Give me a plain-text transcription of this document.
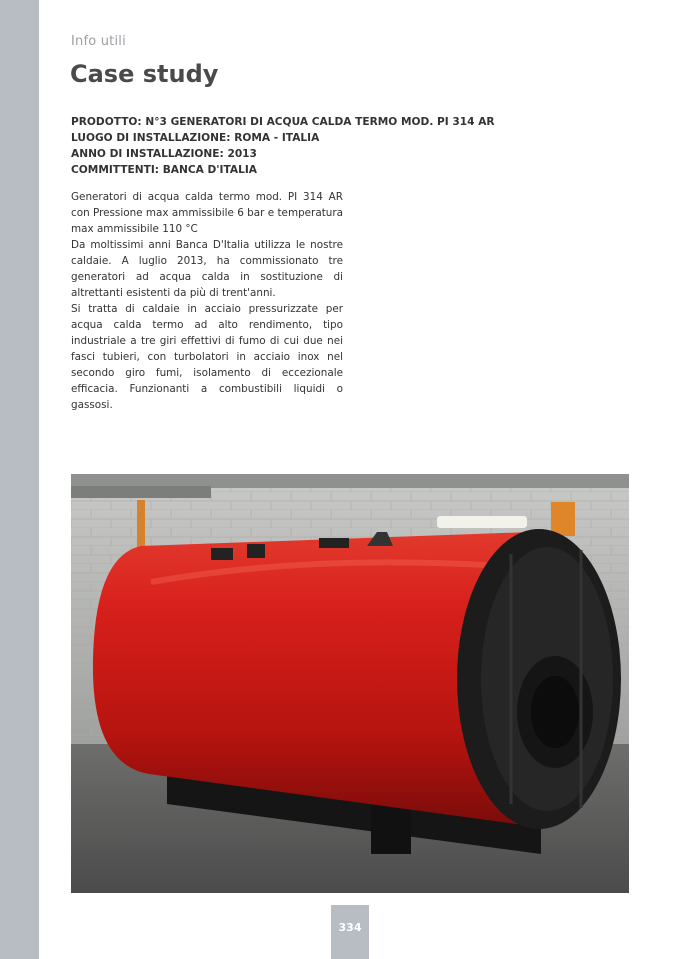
Info utili
Case study
PRODOTTO: N°3 GENERATORI DI ACQUA CALDA TERMO MOD. PI 314 AR
LUOGO DI INSTALLAZIONE: ROMA - ITALIA
ANNO DI INSTALLAZIONE: 2013
COMMITTENTI: BANCA D'ITALIA

Generatori di acqua calda termo mod. PI 314 AR con Pressione max ammissibile 6 bar e temperatura max ammissibile 110 °C

Da moltissimi anni Banca D'Italia utilizza le nostre caldaie. A luglio 2013, ha commissionato tre generatori ad acqua calda in sostituzione di altrettanti esistenti da più di trent'anni.

Si tratta di caldaie in acciaio pressurizzate per acqua calda termo ad alto rendimento, tipo industriale a tre giri effettivi di fumo di cui due nei fasci tubieri, con turbolatori in acciaio inox nel secondo giro fumi, isolamento di eccezionale efficacia. Funzionanti a combustibili liquidi o gassosi.

334
